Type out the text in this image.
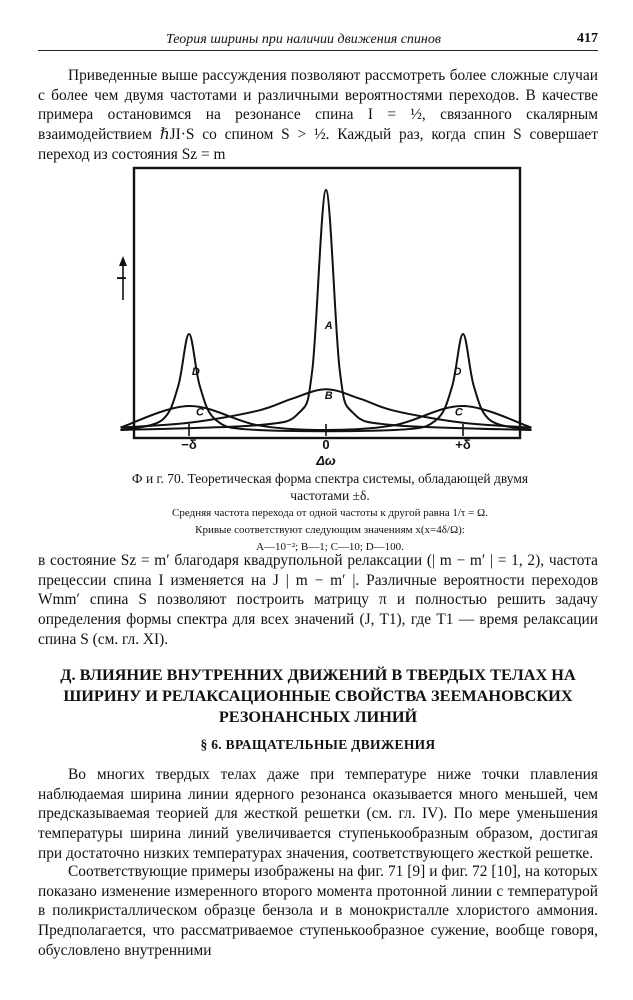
Теория ширины при наличии движения спинов	417

Приведенные выше рассуждения позволяют рассмотреть более сложные случаи с более чем двумя частотами и различными вероятностями переходов. В качестве примера остановимся на резонансе спина I = ½, связанного скалярным взаимодействием ℏJI·S со спином S > ½. Каждый раз, когда спин S совершает переход из состояния Sz = m

A
B
C	C
D	D
I
−δ	0	+δ
Δω

Ф и г. 70. Теоретическая форма спектра системы, обладающей двумя частотами ±δ.

Средняя частота перехода от одной частоты к другой равна 1/τ = Ω.

Кривые соответствуют следующим значениям x(x=4δ/Ω):

A—10⁻²; B—1; C—10; D—100.

в состояние Sz = m′ благодаря квадрупольной релаксации (| m − m′ | = 1, 2), частота прецессии спина I изменяется на J | m − m′ |. Различные вероятности переходов Wmm′ спина S позволяют построить матрицу π и полностью решить задачу определения формы спектра для всех значений (J, T1), где T1 — время релаксации спина S (см. гл. XI).

Д. ВЛИЯНИЕ ВНУТРЕННИХ ДВИЖЕНИЙ В ТВЕРДЫХ ТЕЛАХ НА ШИРИНУ И РЕЛАКСАЦИОННЫЕ СВОЙСТВА ЗЕЕМАНОВСКИХ РЕЗОНАНСНЫХ ЛИНИЙ
§ 6. ВРАЩАТЕЛЬНЫЕ ДВИЖЕНИЯ

Во многих твердых телах даже при температуре ниже точки плавления наблюдаемая ширина линии ядерного резонанса оказывается много меньшей, чем предсказываемая теорией для жесткой решетки (см. гл. IV). По мере уменьшения температуры ширина линий увеличивается ступенькообразным образом, достигая при достаточно низких температурах значения, соответствующего жесткой решетке.

Соответствующие примеры изображены на фиг. 71 [9] и фиг. 72 [10], на которых показано изменение измеренного второго момента протонной линии с температурой в поликристаллическом образце бензола и в монокристалле хлористого аммония. Предполагается, что рассматриваемое ступенькообразное сужение, вообще говоря, обусловлено внутренними
